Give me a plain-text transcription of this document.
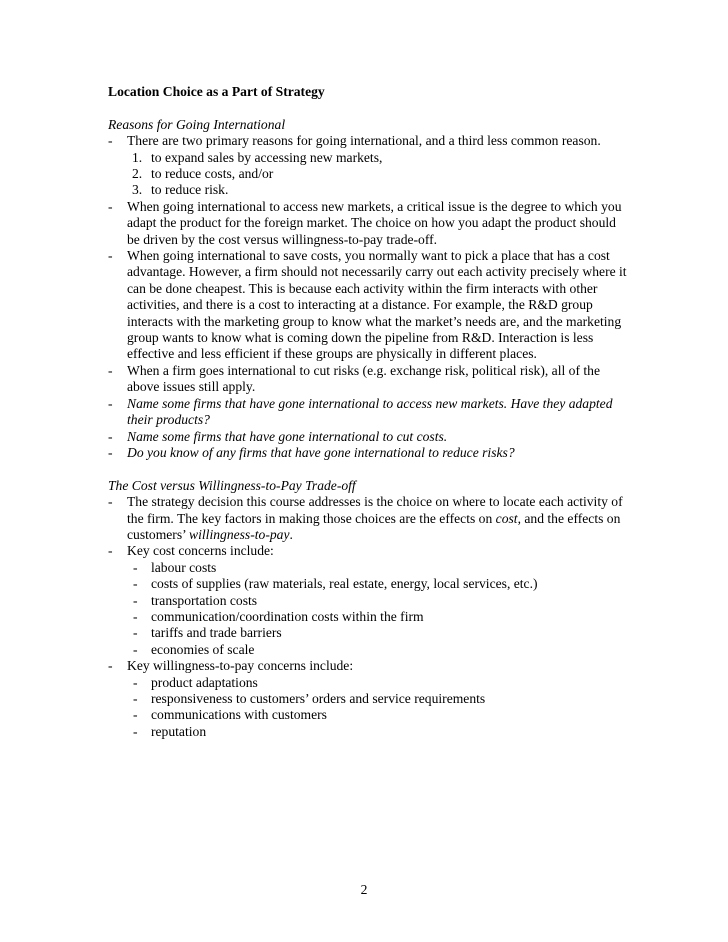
Location Choice as a Part of Strategy

Reasons for Going International

- There are two primary reasons for going international, and a third less common reason.
1. to expand sales by accessing new markets,
2. to reduce costs, and/or
3. to reduce risk.
- When going international to access new markets, a critical issue is the degree to which you adapt the product for the foreign market. The choice on how you adapt the product should be driven by the cost versus willingness-to-pay trade-off.
- When going international to save costs, you normally want to pick a place that has a cost advantage. However, a firm should not necessarily carry out each activity precisely where it can be done cheapest. This is because each activity within the firm interacts with other activities, and there is a cost to interacting at a distance. For example, the R&D group interacts with the marketing group to know what the market’s needs are, and the marketing group wants to know what is coming down the pipeline from R&D. Interaction is less effective and less efficient if these groups are physically in different places.
- When a firm goes international to cut risks (e.g. exchange risk, political risk), all of the above issues still apply.
- Name some firms that have gone international to access new markets. Have they adapted their products?
- Name some firms that have gone international to cut costs.
- Do you know of any firms that have gone international to reduce risks?

The Cost versus Willingness-to-Pay Trade-off

- The strategy decision this course addresses is the choice on where to locate each activity of the firm. The key factors in making those choices are the effects on cost, and the effects on customers’ willingness-to-pay.
- Key cost concerns include:
- labour costs
- costs of supplies (raw materials, real estate, energy, local services, etc.)
- transportation costs
- communication/coordination costs within the firm
- tariffs and trade barriers
- economies of scale
- Key willingness-to-pay concerns include:
- product adaptations
- responsiveness to customers’ orders and service requirements
- communications with customers
- reputation

2
